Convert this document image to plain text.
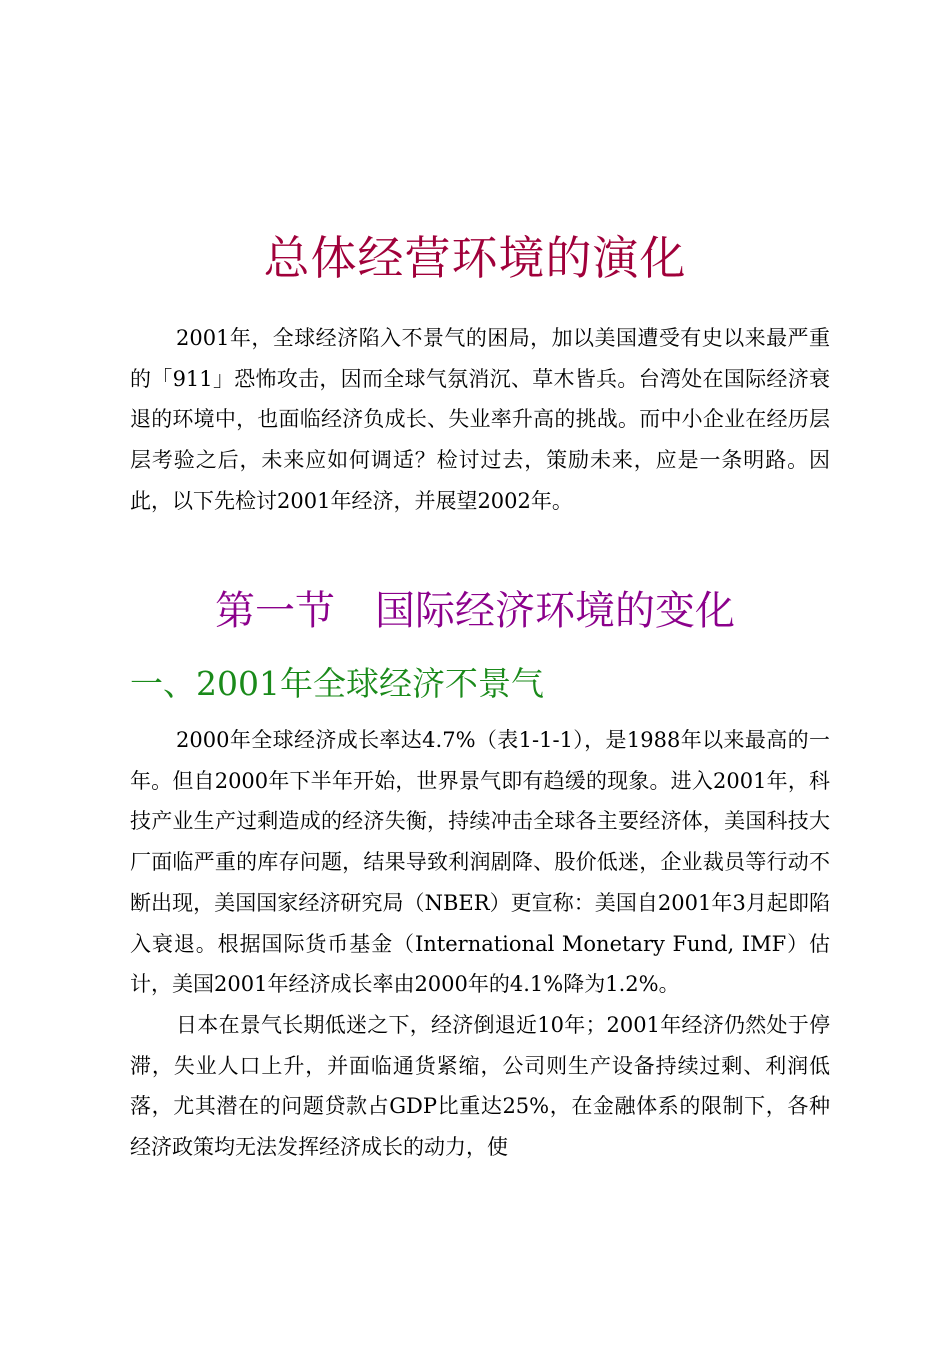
总体经营环境的演化

2001年，全球经济陷入不景气的困局，加以美国遭受有史以来最严重的「911」恐怖攻击，因而全球气氛消沉、草木皆兵。台湾处在国际经济衰退的环境中，也面临经济负成长、失业率升高的挑战。而中小企业在经历层层考验之后，未来应如何调适？检讨过去，策励未来，应是一条明路。因此，以下先检讨2001年经济，并展望2002年。

第一节　国际经济环境的变化
一、2001年全球经济不景气

2000年全球经济成长率达4.7%（表1-1-1），是1988年以来最高的一年。但自2000年下半年开始，世界景气即有趋缓的现象。进入2001年，科技产业生产过剩造成的经济失衡，持续冲击全球各主要经济体，美国科技大厂面临严重的库存问题，结果导致利润剧降、股价低迷，企业裁员等行动不断出现，美国国家经济研究局（NBER）更宣称：美国自2001年3月起即陷入衰退。根据国际货币基金（International Monetary Fund, IMF）估计，美国2001年经济成长率由2000年的4.1%降为1.2%。

日本在景气长期低迷之下，经济倒退近10年；2001年经济仍然处于停滞，失业人口上升，并面临通货紧缩，公司则生产设备持续过剩、利润低落，尤其潜在的问题贷款占GDP比重达25%，在金融体系的限制下，各种经济政策均无法发挥经济成长的动力，使
